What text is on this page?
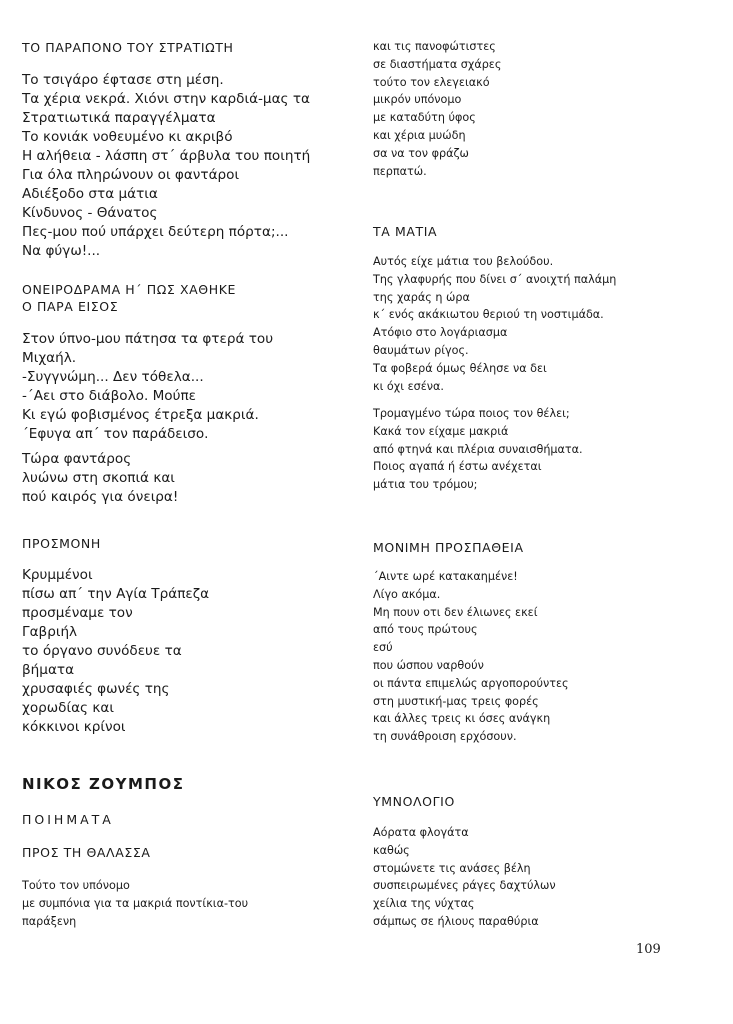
ΤΟ ΠΑΡΑΠΟΝΟ ΤΟΥ ΣΤΡΑΤΙΩΤΗ
Το τσιγάρο έφτασε στη μέση.
Τα χέρια νεκρά. Χιόνι στην καρδιά-μας τα
Στρατιωτικά παραγγέλματα
Το κονιάκ νοθευμένο κι ακριβό
Η αλήθεια - λάσπη στ΄ άρβυλα του ποιητή
Για όλα πληρώνουν οι φαντάροι
Αδιέξοδο στα μάτια
Κίνδυνος - Θάνατος
Πες-μου πού υπάρχει δεύτερη πόρτα;...
Να φύγω!...
ΟΝΕΙΡΟΔΡΑΜΑ Η΄ ΠΩΣ ΧΑΘΗΚΕ
Ο ΠΑΡΑ ΕΙΣΟΣ
Στον ύπνο-μου πάτησα τα φτερά του
Μιχαήλ.
-Συγγνώμη... Δεν τόθελα...
-΄Αει στο διάβολο. Μούπε
Κι εγώ φοβισμένος έτρεξα μακριά.
΄Εφυγα απ΄ τον παράδεισο.
Τώρα φαντάρος
λυώνω στη σκοπιά και
πού καιρός για όνειρα!
ΠΡΟΣΜΟΝΗ
Κρυμμένοι
πίσω απ΄ την Αγία Τράπεζα
προσμέναμε τον
Γαβριήλ
το όργανο συνόδευε τα
βήματα
χρυσαφιές φωνές της
χορωδίας και
κόκκινοι κρίνοι
ΝΙΚΟΣ ΖΟΥΜΠΟΣ
ΠΟΙΗΜΑΤΑ
ΠΡΟΣ ΤΗ ΘΑΛΑΣΣΑ
Τούτο τον υπόνομο
με συμπόνια για τα μακριά ποντίκια-του
παράξενη
και τις πανοφώτιστες
σε διαστήματα σχάρες
τούτο τον ελεγειακό
μικρόν υπόνομο
με καταδύτη ύφος
και χέρια μυώδη
σα να τον φράζω
περπατώ.
ΤΑ ΜΑΤΙΑ
Αυτός είχε μάτια του βελούδου.
Της γλαφυρής που δίνει σ΄ ανοιχτή παλάμη
της χαράς η ώρα
κ΄ ενός ακάκιωτου θεριού τη νοστιμάδα.
Ατόφιο στο λογάριασμα
θαυμάτων ρίγος.
Τα φοβερά όμως θέλησε να δει
κι όχι εσένα.
Τρομαγμένο τώρα ποιος τον θέλει;
Κακά τον είχαμε μακριά
από φτηνά και πλέρια συναισθήματα.
Ποιος αγαπά ή έστω ανέχεται
μάτια του τρόμου;
ΜΟΝΙΜΗ ΠΡΟΣΠΑΘΕΙΑ
΄Αιντε ωρέ κατακαημένε!
Λίγο ακόμα.
Μη πουν οτι δεν έλιωνες εκεί
από τους πρώτους
εσύ
που ώσπου ναρθούν
οι πάντα επιμελώς αργοπορούντες
στη μυστική-μας τρεις φορές
και άλλες τρεις κι όσες ανάγκη
τη συνάθροιση ερχόσουν.
ΥΜΝΟΛΟΓΙΟ
Αόρατα φλογάτα
καθώς
στομώνετε τις ανάσες βέλη
συσπειρωμένες ράγες δαχτύλων
χείλια της νύχτας
σάμπως σε ήλιους παραθύρια
109
